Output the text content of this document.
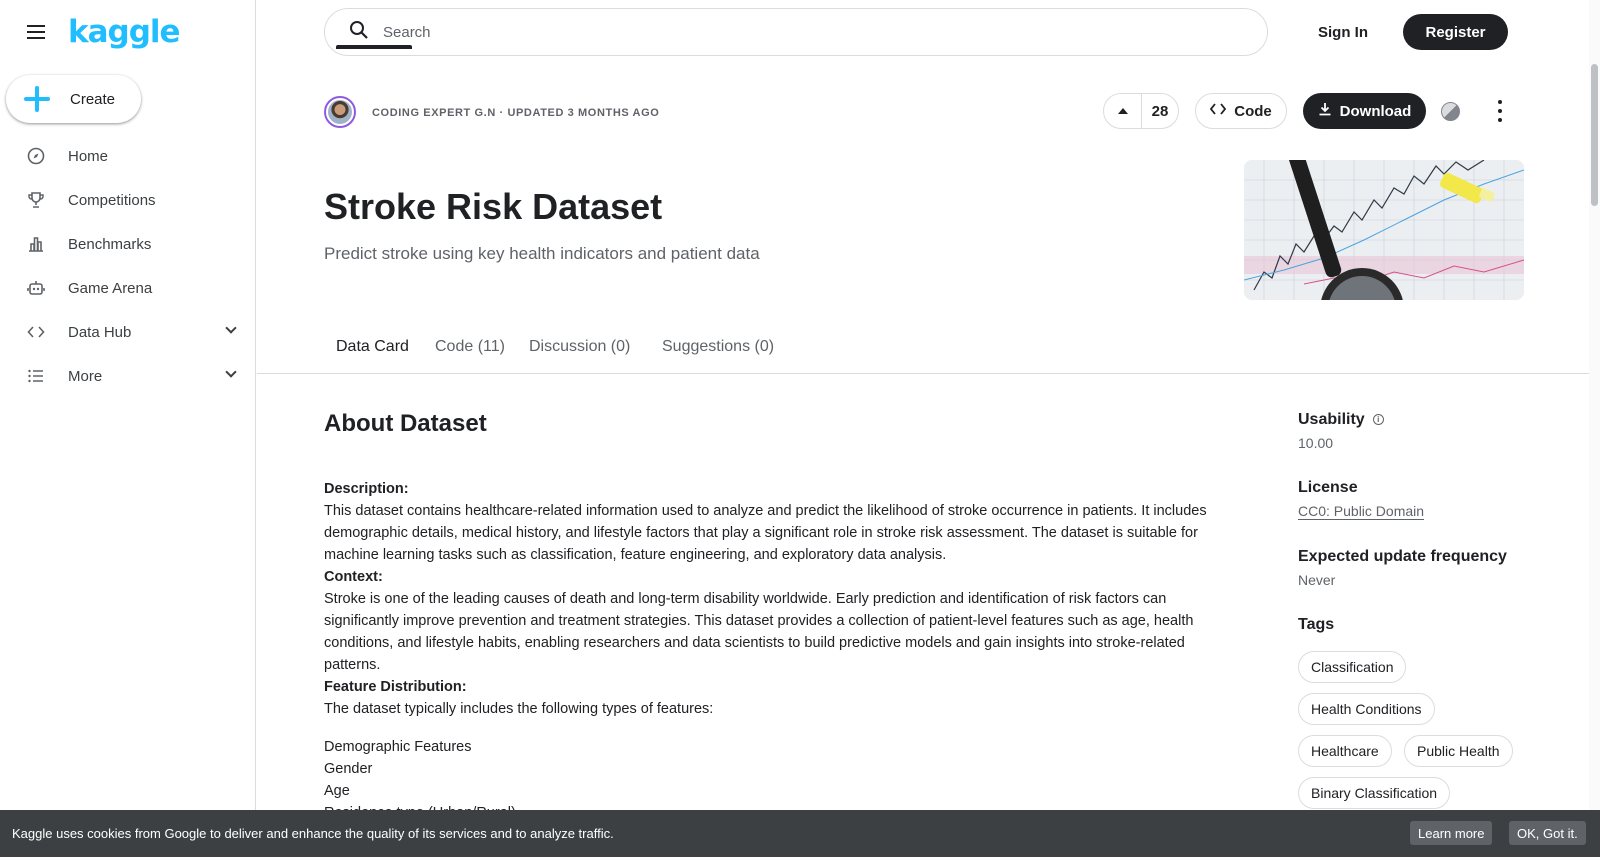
kaggle
Create
Home
Competitions
Benchmarks
Game Arena
Data Hub
More
Search
Sign In	Register
CODING EXPERT G.N · UPDATED 3 MONTHS AGO	28	Code	Download
Stroke Risk Dataset
Predict stroke using key health indicators and patient data
Data Card Code (11) Discussion (0) Suggestions (0)
About Dataset
Description:
This dataset contains healthcare-related information used to analyze and predict the likelihood of stroke occurrence in patients. It includes demographic details, medical history, and lifestyle factors that play a significant role in stroke risk assessment. The dataset is suitable for machine learning tasks such as classification, feature engineering, and exploratory data analysis.
Context:
Stroke is one of the leading causes of death and long-term disability worldwide. Early prediction and identification of risk factors can significantly improve prevention and treatment strategies. This dataset provides a collection of patient-level features such as age, health conditions, and lifestyle habits, enabling researchers and data scientists to build predictive models and gain insights into stroke-related patterns.
Feature Distribution:
The dataset typically includes the following types of features:
Demographic Features
Gender
Age
Usability i
10.00
License
CC0: Public Domain
Expected update frequency
Never
Tags
Classification
Health Conditions
Healthcare	Public Health
Binary Classification
Kaggle uses cookies from Google to deliver and enhance the quality of its services and to analyze traffic.	Learn more	OK, Got it.
